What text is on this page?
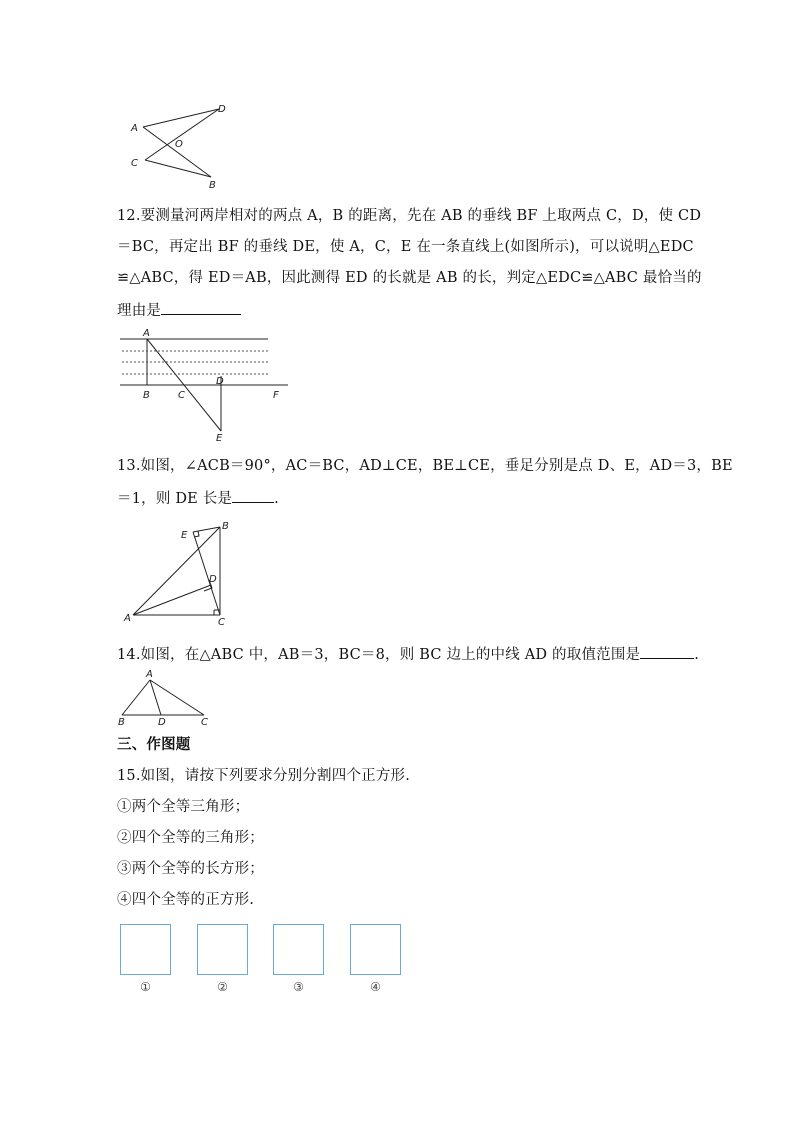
A
D
O
C
B
12.要测量河两岸相对的两点 A，B 的距离，先在 AB 的垂线 BF 上取两点 C，D，使 CD
＝BC，再定出 BF 的垂线 DE，使 A，C，E 在一条直线上(如图所示)，可以说明△EDC
≌△ABC，得 ED＝AB，因此测得 ED 的长就是 AB 的长，判定△EDC≌△ABC 最恰当的
理由是
A
B	C
D
E
F
13.如图，∠ACB＝90°，AC＝BC，AD⊥CE，BE⊥CE，垂足分别是点 D、E，AD＝3，BE
＝1，则 DE 长是	.
B
E
D
A	C
14.如图，在△ABC 中，AB＝3，BC＝8，则 BC 边上的中线 AD 的取值范围是	.
A
B	D	C
三、作图题
15.如图，请按下列要求分别分割四个正方形.
①两个全等三角形；
②四个全等的三角形；
③两个全等的长方形；
④四个全等的正方形.
①	②	③	④
